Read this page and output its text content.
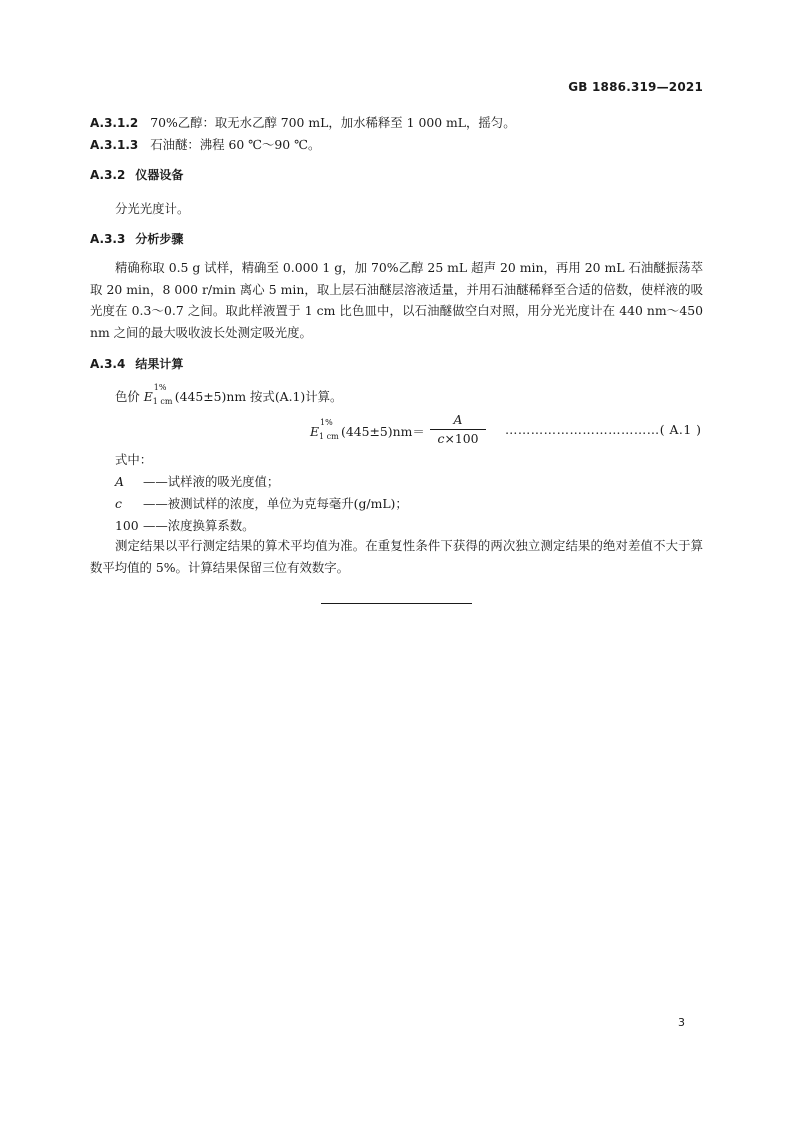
GB 1886.319—2021
A.3.1.2 70%乙醇：取无水乙醇 700 mL，加水稀释至 1 000 mL，摇匀。
A.3.1.3 石油醚：沸程 60 ℃～90 ℃。
A.3.2 仪器设备
分光光度计。
A.3.3 分析步骤
精确称取 0.5 g 试样，精确至 0.000 1 g，加 70%乙醇 25 mL 超声 20 min，再用 20 mL 石油醚振荡萃取 20 min，8 000 r/min 离心 5 min，取上层石油醚层溶液适量，并用石油醚稀释至合适的倍数，使样液的吸光度在 0.3～0.7 之间。取此样液置于 1 cm 比色皿中，以石油醚做空白对照，用分光光度计在 440 nm～450 nm 之间的最大吸收波长处测定吸光度。
A.3.4 结果计算
色价 E
1%
1 cm (445±5)nm 按式(A.1)计算。
E
1%
1 cm (445±5)nm＝
A
c×100
………………………………( A.1 )
式中：
A ——试样液的吸光度值；
c ——被测试样的浓度，单位为克每毫升(g/mL)；
100 ——浓度换算系数。
测定结果以平行测定结果的算术平均值为准。在重复性条件下获得的两次独立测定结果的绝对差值不大于算数平均值的 5%。计算结果保留三位有效数字。
3
